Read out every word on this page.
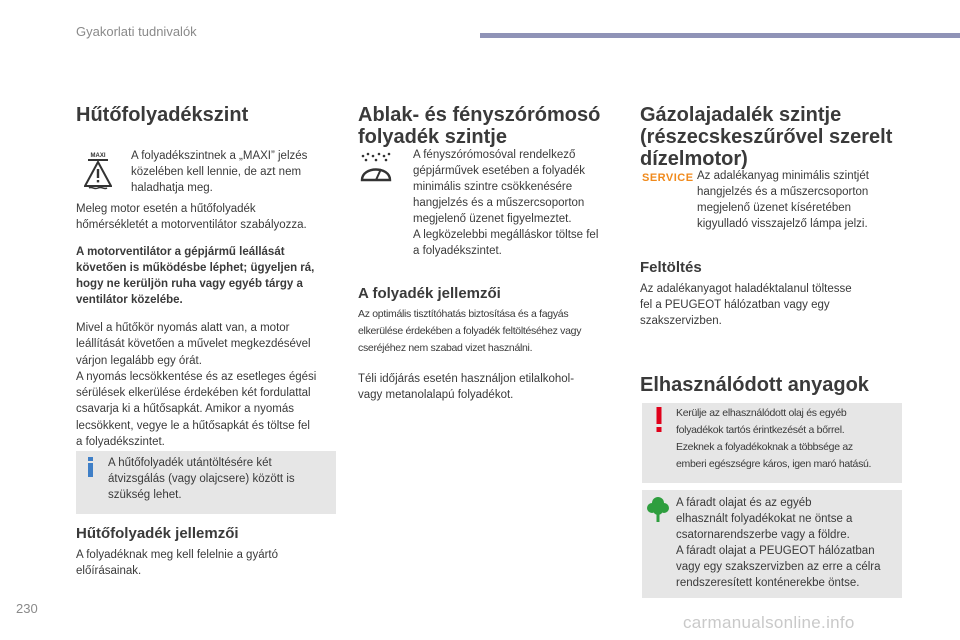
Gyakorlati tudnivalók
Hűtőfolyadékszint
MAXI A folyadékszintnek a „MAXI” jelzés
közelében kell lennie, de azt nem
haladhatja meg.

Meleg motor esetén a hűtőfolyadék
hőmérsékletét a motorventilátor szabályozza.

A motorventilátor a gépjármű leállását
követően is működésbe léphet; ügyeljen rá,
hogy ne kerüljön ruha vagy egyéb tárgy a
ventilátor közelébe.

Mivel a hűtőkör nyomás alatt van, a motor
leállítását követően a művelet megkezdésével
várjon legalább egy órát.
A nyomás lecsökkentése és az esetleges égési
sérülések elkerülése érdekében két fordulattal
csavarja ki a hűtősapkát. Amikor a nyomás
lecsökkent, vegye le a hűtősapkát és töltse fel
a folyadékszintet.

A hűtőfolyadék utántöltésére két
átvizsgálás (vagy olajcsere) között is
szükség lehet.

Hűtőfolyadék jellemzői

A folyadéknak meg kell felelnie a gyártó
előírásainak.

Ablak- és fényszórómosó
folyadék szintje

A fényszórómosóval rendelkező
gépjárművek esetében a folyadék
minimális szintre csökkenésére
hangjelzés és a műszercsoporton
megjelenő üzenet figyelmeztet.
A legközelebbi megálláskor töltse fel
a folyadékszintet.

A folyadék jellemzői

Az optimális tisztítóhatás biztosítása és a fagyás
elkerülése érdekében a folyadék feltöltéséhez vagy
cseréjéhez nem szabad vizet használni.

Téli időjárás esetén használjon etilalkohol-
vagy metanolalapú folyadékot.

Gázolajadalék szintje
(részecskeszűrővel szerelt
dízelmotor)
SERVICE Az adalékanyag minimális szintjét
hangjelzés és a műszercsoporton
megjelenő üzenet kíséretében
kigyulladó visszajelző lámpa jelzi.

Feltöltés

Az adalékanyagot haladéktalanul töltesse
fel a PEUGEOT hálózatban vagy egy
szakszervizben.

Elhasználódott anyagok

Kerülje az elhasználódott olaj és egyéb
folyadékok tartós érintkezését a bőrrel.
Ezeknek a folyadékoknak a többsége az
emberi egészségre káros, igen maró hatású.

A fáradt olajat és az egyéb
elhasznált folyadékokat ne öntse a
csatornarendszerbe vagy a földre.
A fáradt olajat a PEUGEOT hálózatban
vagy egy szakszervizben az erre a célra
rendszeresített konténerekbe öntse.

230
carmanualsonline.info
